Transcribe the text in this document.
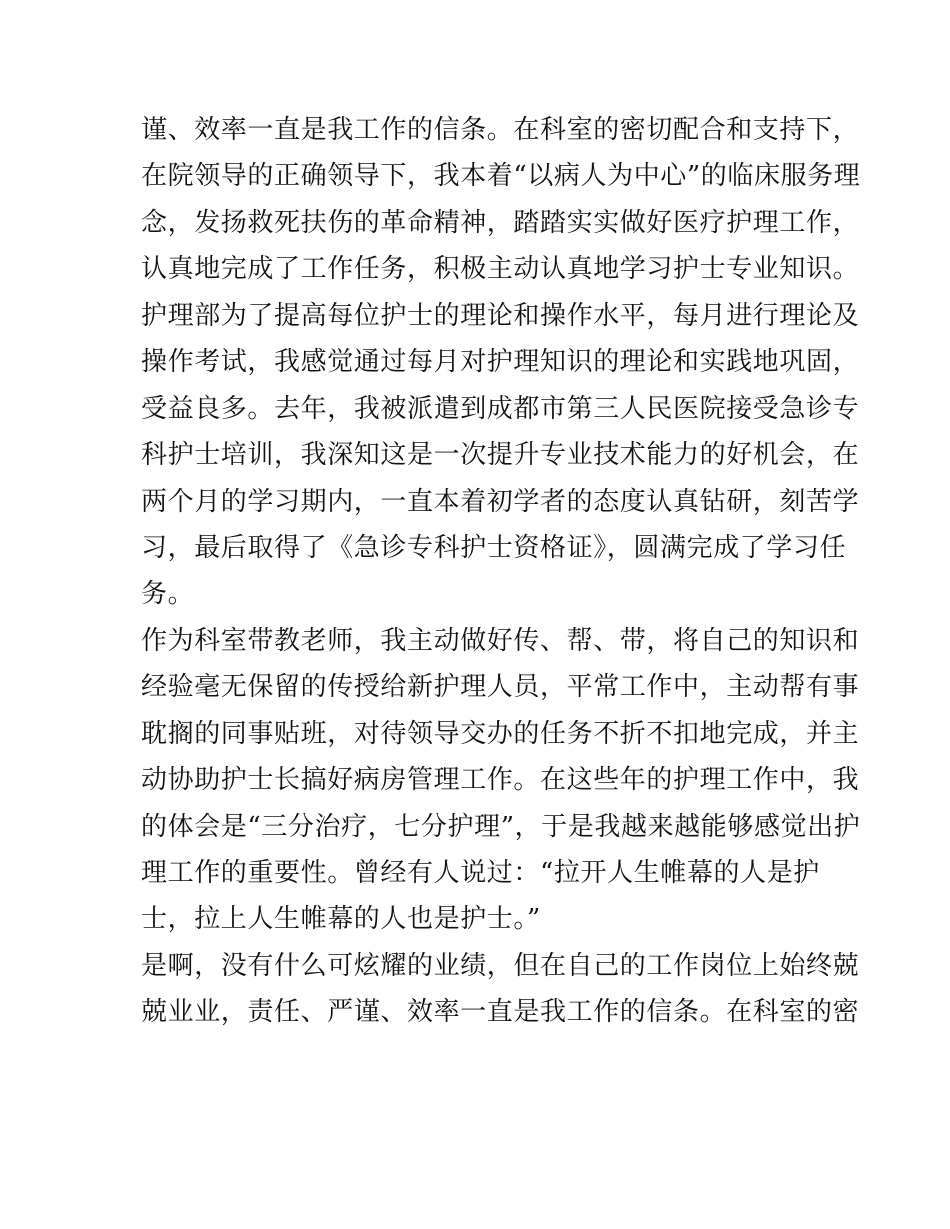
谨、效率一直是我工作的信条。在科室的密切配合和支持下，
在院领导的正确领导下，我本着“以病人为中心”的临床服务理
念，发扬救死扶伤的革命精神，踏踏实实做好医疗护理工作，
认真地完成了工作任务，积极主动认真地学习护士专业知识。
护理部为了提高每位护士的理论和操作水平，每月进行理论及
操作考试，我感觉通过每月对护理知识的理论和实践地巩固，
受益良多。去年，我被派遣到成都市第三人民医院接受急诊专
科护士培训，我深知这是一次提升专业技术能力的好机会，在
两个月的学习期内，一直本着初学者的态度认真钻研，刻苦学
习，最后取得了《急诊专科护士资格证》，圆满完成了学习任
务。
作为科室带教老师，我主动做好传、帮、带，将自己的知识和
经验毫无保留的传授给新护理人员，平常工作中，主动帮有事
耽搁的同事贴班，对待领导交办的任务不折不扣地完成，并主
动协助护士长搞好病房管理工作。在这些年的护理工作中，我
的体会是“三分治疗，七分护理”，于是我越来越能够感觉出护
理工作的重要性。曾经有人说过：“拉开人生帷幕的人是护
士，拉上人生帷幕的人也是护士。”
是啊，没有什么可炫耀的业绩，但在自己的工作岗位上始终兢
兢业业，责任、严谨、效率一直是我工作的信条。在科室的密
